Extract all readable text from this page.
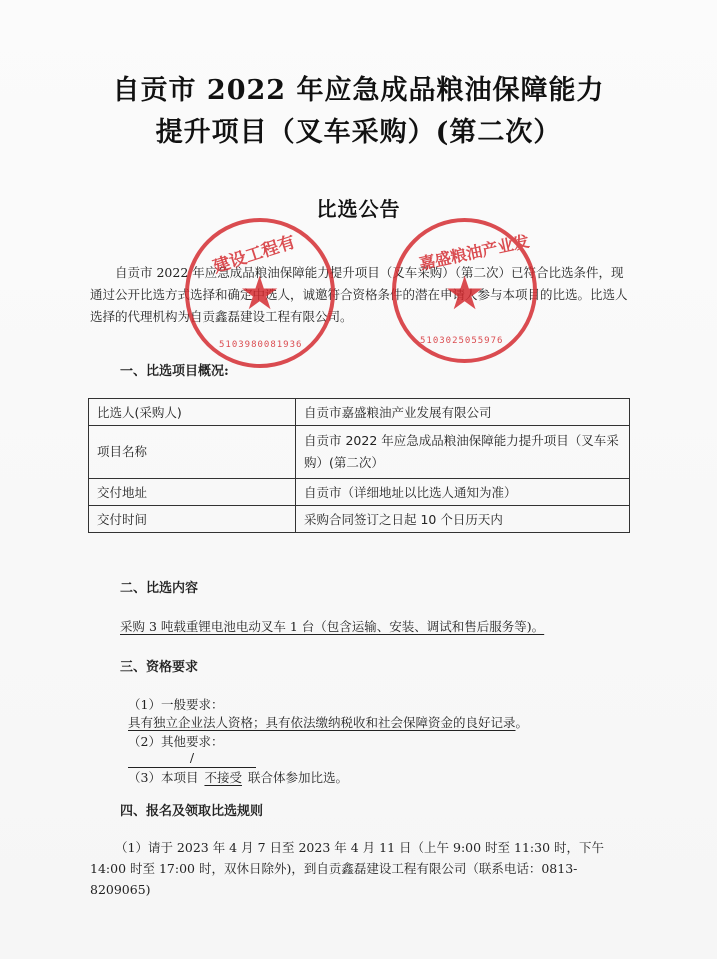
自贡市 2022 年应急成品粮油保障能力
提升项目（叉车采购）(第二次）
比选公告
自贡市 2022 年应急成品粮油保障能力提升项目（叉车采购）（第二次）已符合比选条件，现通过公开比选方式选择和确定中选人，诚邀符合资格条件的潜在申请人参与本项目的比选。比选人选择的代理机构为自贡鑫磊建设工程有限公司。
一、比选项目概况:
比选人(采购人)	自贡市嘉盛粮油产业发展有限公司
项目名称	自贡市 2022 年应急成品粮油保障能力提升项目（叉车采购）(第二次）
交付地址	自贡市（详细地址以比选人通知为准）
交付时间	采购合同签订之日起 10 个日历天内
二、比选内容
采购 3 吨载重锂电池电动叉车 1 台（包含运输、安装、调试和售后服务等)。
三、资格要求
（1）一般要求：
具有独立企业法人资格；具有依法缴纳税收和社会保障资金的良好记录。
（2）其他要求：
/
（3）本项目 不接受 联合体参加比选。
四、报名及领取比选规则
（1）请于 2023 年 4 月 7 日至 2023 年 4 月 11 日（上午 9:00 时至 11:30 时，下午 14:00 时至 17:00 时，双休日除外)，到自贡鑫磊建设工程有限公司（联系电话：0813-8209065)
建设工程有
★
5103980081936
嘉盛粮油产业发
★
5103025055976
